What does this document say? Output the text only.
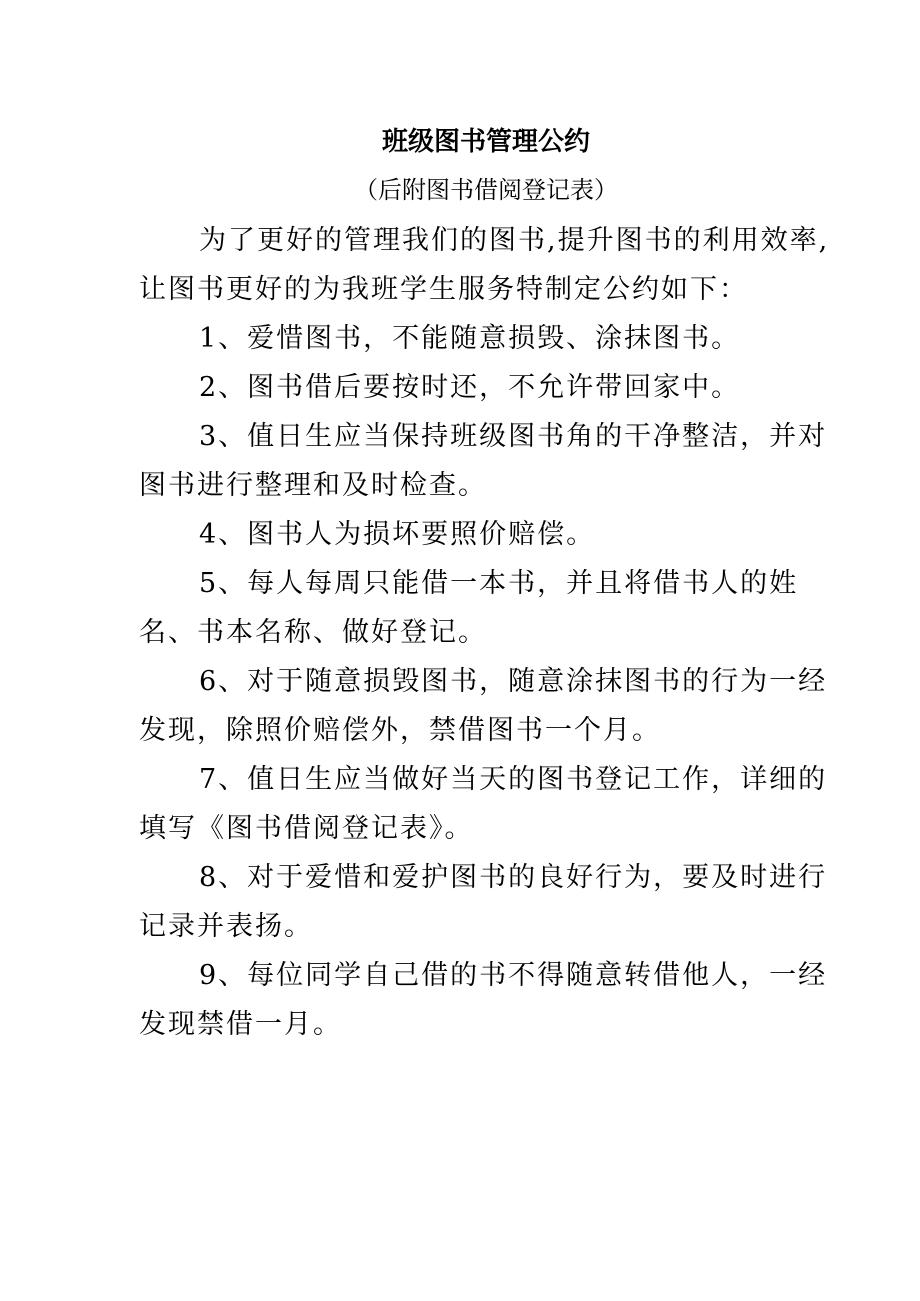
班级图书管理公约
（后附图书借阅登记表）

为了更好的管理我们的图书,提升图书的利用效率,让图书更好的为我班学生服务特制定公约如下：

1、爱惜图书，不能随意损毁、涂抹图书。

2、图书借后要按时还，不允许带回家中。

3、值日生应当保持班级图书角的干净整洁，并对图书进行整理和及时检查。

4、图书人为损坏要照价赔偿。

5、每人每周只能借一本书，并且将借书人的姓名、书本名称、做好登记。

6、对于随意损毁图书，随意涂抹图书的行为一经发现，除照价赔偿外，禁借图书一个月。

7、值日生应当做好当天的图书登记工作，详细的填写《图书借阅登记表》。

8、对于爱惜和爱护图书的良好行为，要及时进行记录并表扬。

9、每位同学自己借的书不得随意转借他人，一经发现禁借一月。
